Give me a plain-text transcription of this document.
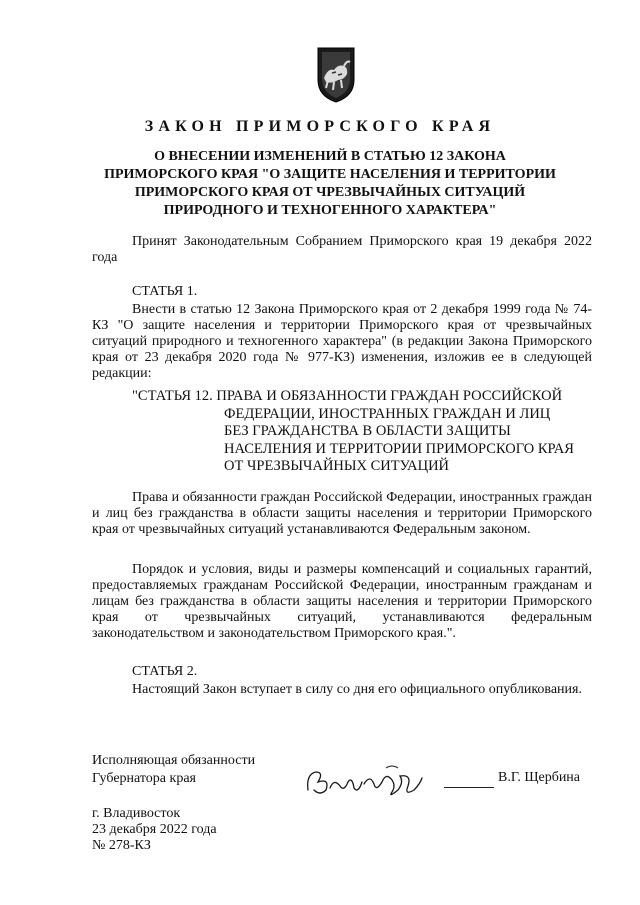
ЗАКОН ПРИМОРСКОГО КРАЯ
О ВНЕСЕНИИ ИЗМЕНЕНИЙ В СТАТЬЮ 12 ЗАКОНА
ПРИМОРСКОГО КРАЯ "О ЗАЩИТЕ НАСЕЛЕНИЯ И ТЕРРИТОРИИ
ПРИМОРСКОГО КРАЯ ОТ ЧРЕЗВЫЧАЙНЫХ СИТУАЦИЙ
ПРИРОДНОГО И ТЕХНОГЕННОГО ХАРАКТЕРА"
Принят Законодательным Собранием Приморского края 19 декабря 2022 года
СТАТЬЯ 1.
Внести в статью 12 Закона Приморского края от 2 декабря 1999 года № 74-КЗ "О защите населения и территории Приморского края от чрезвычайных ситуаций природного и техногенного характера" (в редакции Закона Приморского края от 23 декабря 2020 года № 977-КЗ) изменения, изложив ее в следующей редакции:
"СТАТЬЯ 12. ПРАВА И ОБЯЗАННОСТИ ГРАЖДАН РОССИЙСКОЙ
ФЕДЕРАЦИИ, ИНОСТРАННЫХ ГРАЖДАН И ЛИЦ
БЕЗ ГРАЖДАНСТВА В ОБЛАСТИ ЗАЩИТЫ
НАСЕЛЕНИЯ И ТЕРРИТОРИИ ПРИМОРСКОГО КРАЯ
ОТ ЧРЕЗВЫЧАЙНЫХ СИТУАЦИЙ
Права и обязанности граждан Российской Федерации, иностранных граждан и лиц без гражданства в области защиты населения и территории Приморского края от чрезвычайных ситуаций устанавливаются Федеральным законом.
Порядок и условия, виды и размеры компенсаций и социальных гарантий, предоставляемых гражданам Российской Федерации, иностранным гражданам и лицам без гражданства в области защиты населения и территории Приморского края от чрезвычайных ситуаций, устанавливаются федеральным законодательством и законодательством Приморского края.".
СТАТЬЯ 2.
Настоящий Закон вступает в силу со дня его официального опубликования.
Исполняющая обязанности
Губернатора края	В.Г. Щербина
г. Владивосток
23 декабря 2022 года
№ 278-КЗ
